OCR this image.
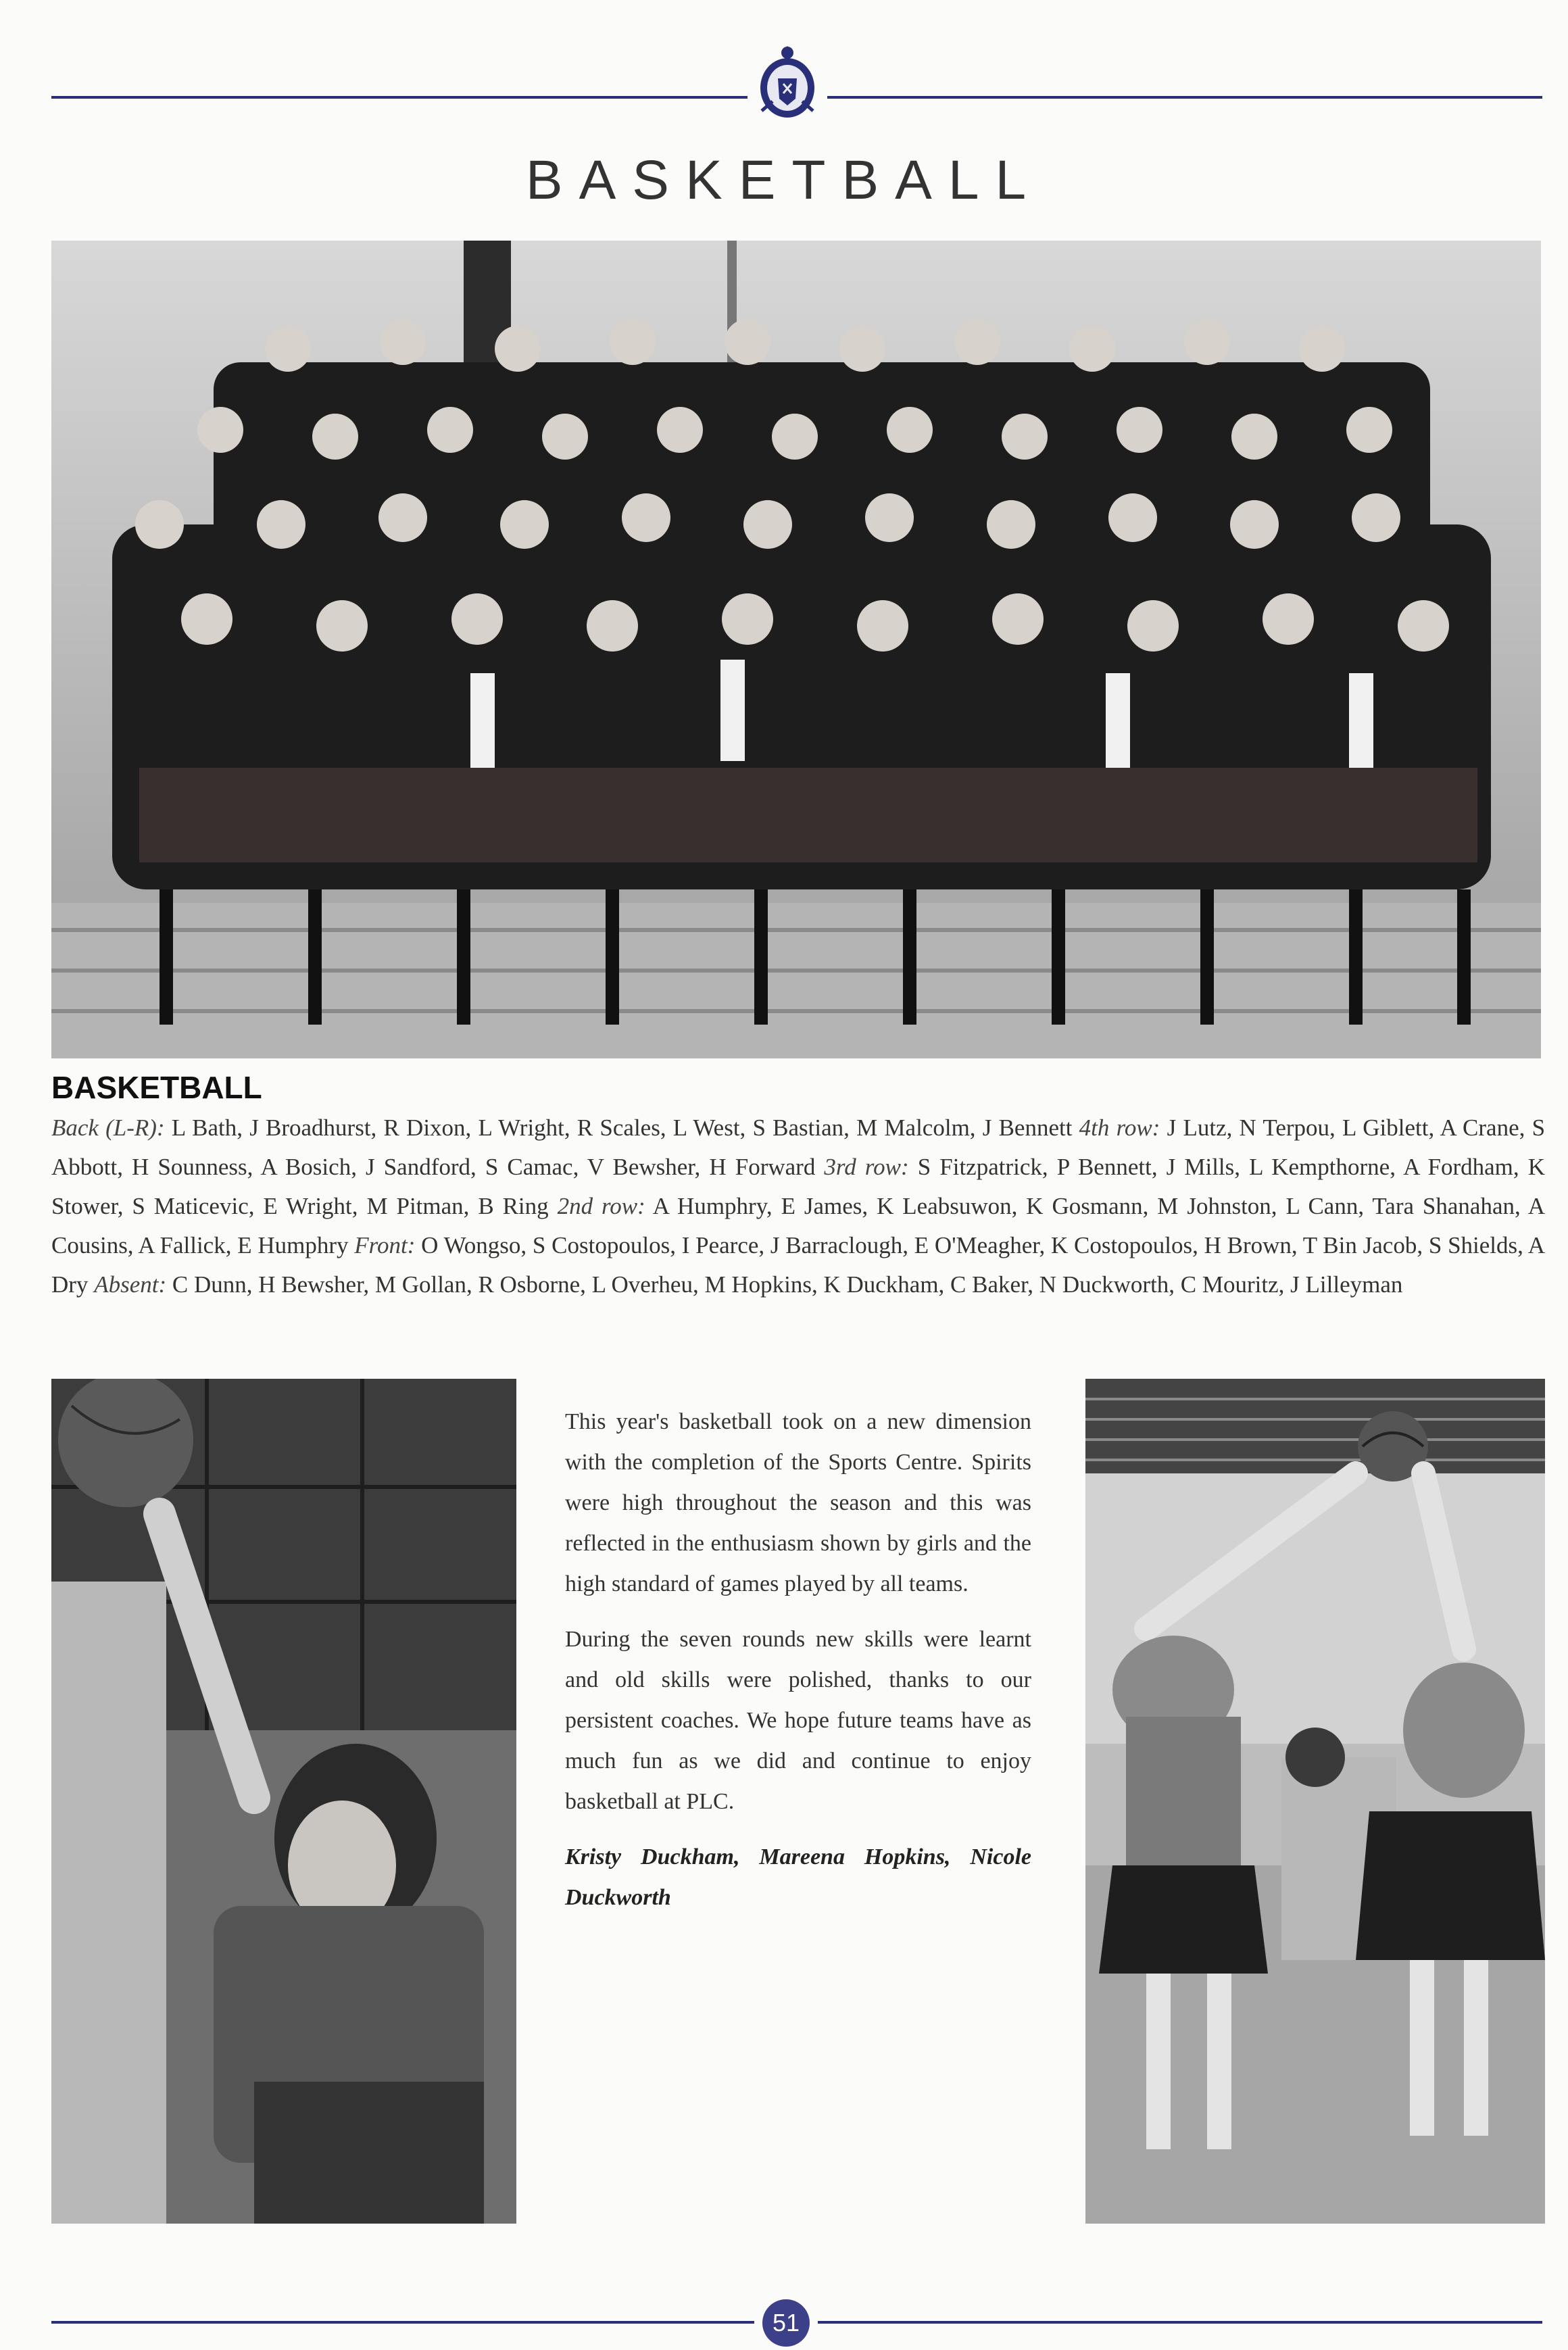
BASKETBALL
BASKETBALL
Back (L-R): L Bath, J Broadhurst, R Dixon, L Wright, R Scales, L West, S Bastian, M Malcolm, J Bennett 4th row: J Lutz, N Terpou, L Giblett, A Crane, S Abbott, H Sounness, A Bosich, J Sandford, S Camac, V Bewsher, H Forward 3rd row: S Fitzpatrick, P Bennett, J Mills, L Kempthorne, A Fordham, K Stower, S Maticevic, E Wright, M Pitman, B Ring 2nd row: A Humphry, E James, K Leabsuwon, K Gosmann, M Johnston, L Cann, Tara Shanahan, A Cousins, A Fallick, E Humphry Front: O Wongso, S Costopoulos, I Pearce, J Barraclough, E O'Meagher, K Costopoulos, H Brown, T Bin Jacob, S Shields, A Dry Absent: C Dunn, H Bewsher, M Gollan, R Osborne, L Overheu, M Hopkins, K Duckham, C Baker, N Duckworth, C Mouritz, J Lilleyman

This year's basketball took on a new dimension with the completion of the Sports Centre. Spirits were high throughout the season and this was reflected in the enthusiasm shown by girls and the high standard of games played by all teams.

During the seven rounds new skills were learnt and old skills were polished, thanks to our persistent coaches. We hope future teams have as much fun as we did and continue to enjoy basketball at PLC.

Kristy Duckham, Mareena Hopkins, Nicole Duckworth

51
